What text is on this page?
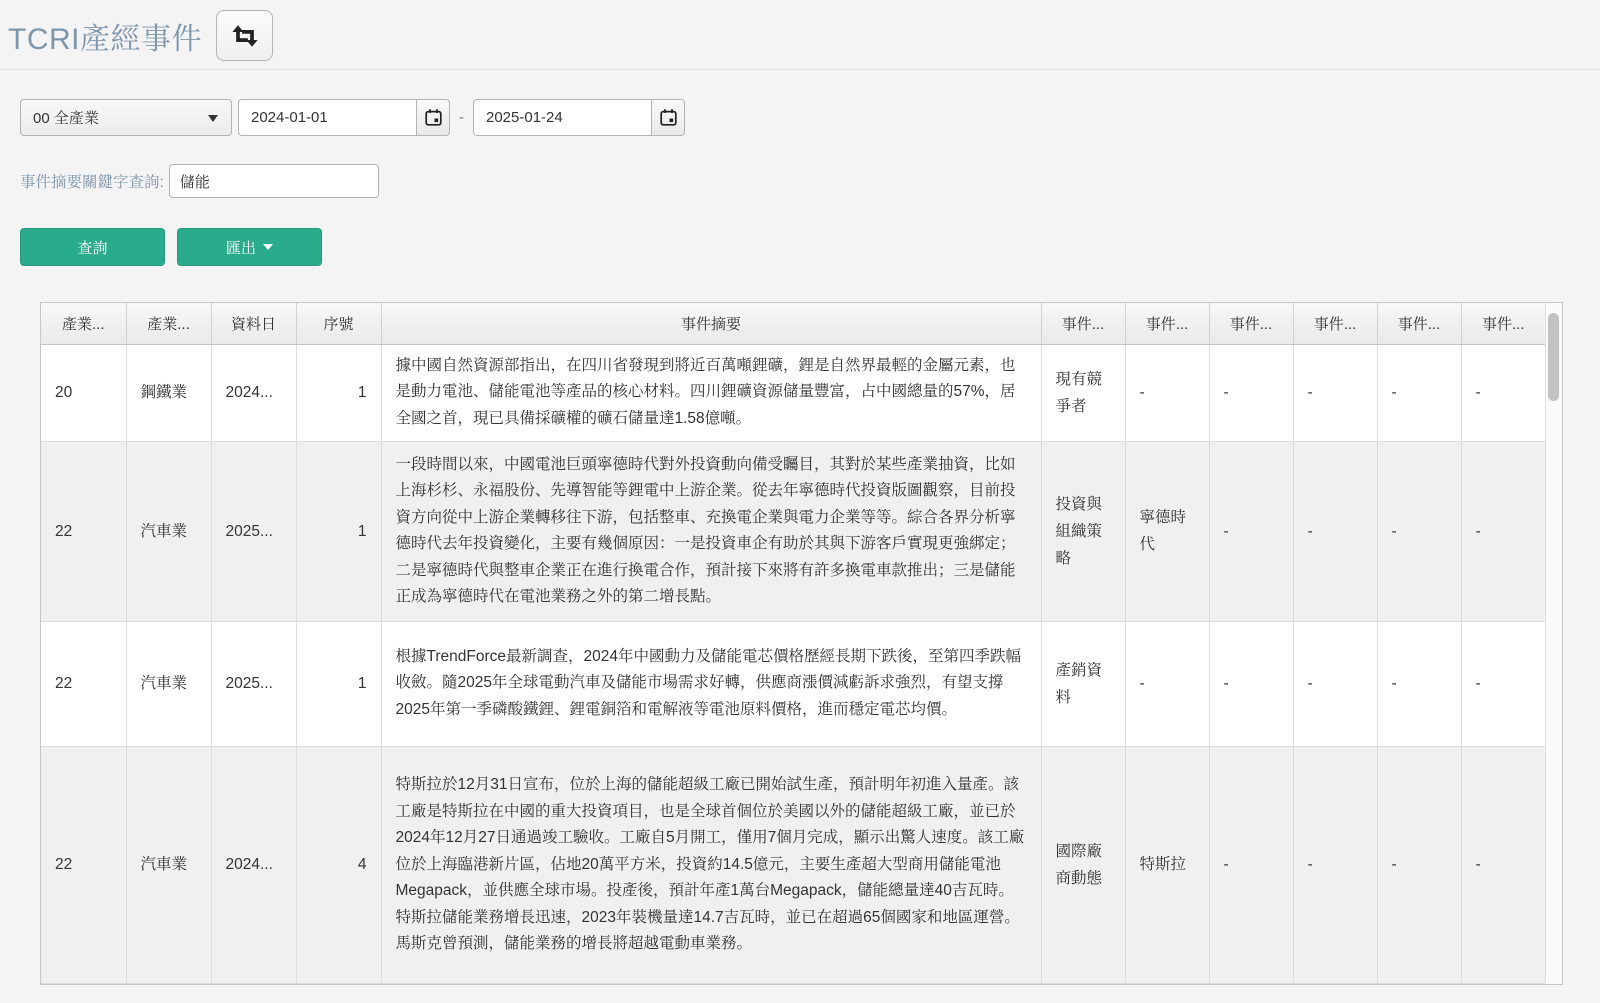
TCRI產經事件
00 全產業
2024-01-01	-
2025-01-24
事件摘要關鍵字查詢:
儲能
查詢	匯出
產業...	產業...	資料日	序號	事件摘要	事件...	事件...	事件...	事件...	事件...	事件...
20	鋼鐵業	2024...	1	據中國自然資源部指出，在四川省發現到將近百萬噸鋰礦，鋰是自然界最輕的金屬元素，也是動力電池、儲能電池等產品的核心材料。四川鋰礦資源儲量豐富，占中國總量的57%，居全國之首，現已具備採礦權的礦石儲量達1.58億噸。	現有競爭者	-	-	-	-	-
22	汽車業	2025...	1	一段時間以來，中國電池巨頭寧德時代對外投資動向備受矚目，其對於某些產業抽資，比如上海杉杉、永福股份、先導智能等鋰電中上游企業。從去年寧德時代投資版圖觀察，目前投資方向從中上游企業轉移往下游，包括整車、充換電企業與電力企業等等。綜合各界分析寧德時代去年投資變化，主要有幾個原因：一是投資車企有助於其與下游客戶實現更強綁定；二是寧德時代與整車企業正在進行換電合作，預計接下來將有許多換電車款推出；三是儲能正成為寧德時代在電池業務之外的第二增長點。	投資與組織策略	寧德時代	-	-	-	-
22	汽車業	2025...	1	根據TrendForce最新調查，2024年中國動力及儲能電芯價格歷經長期下跌後，至第四季跌幅收斂。隨2025年全球電動汽車及儲能市場需求好轉，供應商漲價減虧訴求強烈，有望支撐2025年第一季磷酸鐵鋰、鋰電銅箔和電解液等電池原料價格，進而穩定電芯均價。	產銷資料	-	-	-	-	-
22	汽車業	2024...	4	特斯拉於12月31日宣布，位於上海的儲能超級工廠已開始試生產，預計明年初進入量產。該工廠是特斯拉在中國的重大投資項目，也是全球首個位於美國以外的儲能超級工廠，並已於2024年12月27日通過竣工驗收。工廠自5月開工，僅用7個月完成，顯示出驚人速度。該工廠位於上海臨港新片區，佔地20萬平方米，投資約14.5億元，主要生產超大型商用儲能電池Megapack，並供應全球市場。投產後，預計年產1萬台Megapack，儲能總量達40吉瓦時。特斯拉儲能業務增長迅速，2023年裝機量達14.7吉瓦時，並已在超過65個國家和地區運營。馬斯克曾預測，儲能業務的增長將超越電動車業務。	國際廠商動態	特斯拉	-	-	-	-
